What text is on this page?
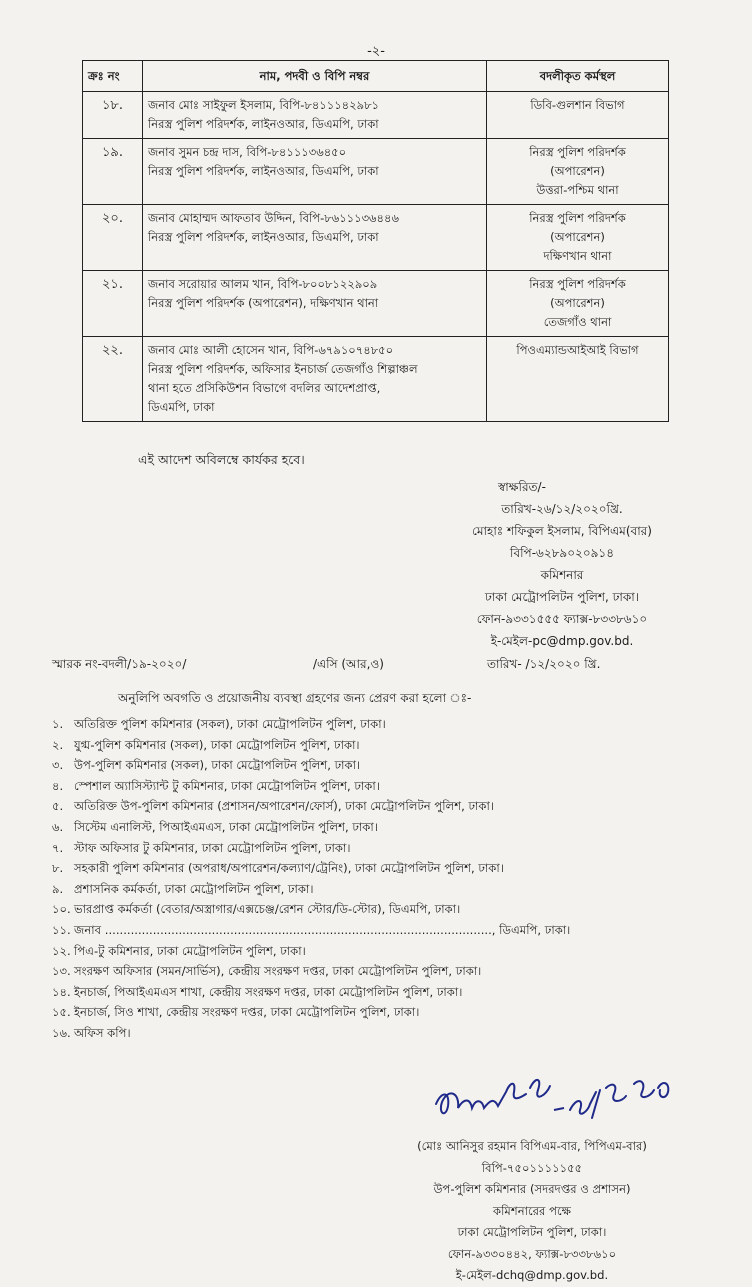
-২-
ক্রঃ নং	নাম, পদবী ও বিপি নম্বর	বদলীকৃত কর্মস্থল
১৮.	জনাব মোঃ সাইফুল ইসলাম, বিপি-৮৪১১১৪২৯৮১
নিরস্ত্র পুলিশ পরিদর্শক, লাইনওআর, ডিএমপি, ঢাকা	ডিবি-গুলশান বিভাগ

১৯.	জনাব সুমন চন্দ্র দাস, বিপি-৮৪১১১৩৬৪৫০
নিরস্ত্র পুলিশ পরিদর্শক, লাইনওআর, ডিএমপি, ঢাকা	নিরস্ত্র পুলিশ পরিদর্শক
(অপারেশন)
উত্তরা-পশ্চিম থানা

২০.	জনাব মোহাম্মদ আফতাব উদ্দিন, বিপি-৮৬১১১৩৬৪৪৬
নিরস্ত্র পুলিশ পরিদর্শক, লাইনওআর, ডিএমপি, ঢাকা	নিরস্ত্র পুলিশ পরিদর্শক
(অপারেশন)
দক্ষিণখান থানা

২১.	জনাব সরোয়ার আলম খান, বিপি-৮০০৮১২২৯০৯
নিরস্ত্র পুলিশ পরিদর্শক (অপারেশন), দক্ষিণখান থানা	নিরস্ত্র পুলিশ পরিদর্শক
(অপারেশন)
তেজগাঁও থানা

২২.	জনাব মোঃ আলী হোসেন খান, বিপি-৬৭৯১০৭৪৮৫০
নিরস্ত্র পুলিশ পরিদর্শক, অফিসার ইনচার্জ তেজগাঁও শিল্পাঞ্চল
থানা হতে প্রসিকিউশন বিভাগে বদলির আদেশপ্রাপ্ত,
ডিএমপি, ঢাকা	পিওএম্যান্ডআইআই বিভাগ
এই আদেশ অবিলম্বে কার্যকর হবে।
স্বাক্ষরিত/-
তারিখ-২৬/১২/২০২০খ্রি.
মোহাঃ শফিকুল ইসলাম, বিপিএম(বার)
বিপি-৬২৮৯০২০৯১৪
কমিশনার
ঢাকা মেট্রোপলিটন পুলিশ, ঢাকা।
ফোন-৯৩৩১৫৫৫ ফ্যাক্স-৮৩৩৮৬১০
ই-মেইল-pc@dmp.gov.bd.
স্মারক নং-বদলী/১৯-২০২০/	/এসি (আর,ও)	তারিখ- /১২/২০২০ খ্রি.
অনুলিপি অবগতি ও প্রয়োজনীয় ব্যবস্থা গ্রহণের জন্য প্রেরণ করা হলো ঃ-
১. অতিরিক্ত পুলিশ কমিশনার (সকল), ঢাকা মেট্রোপলিটন পুলিশ, ঢাকা।
২. যুগ্ম-পুলিশ কমিশনার (সকল), ঢাকা মেট্রোপলিটন পুলিশ, ঢাকা।
৩. উপ-পুলিশ কমিশনার (সকল), ঢাকা মেট্রোপলিটন পুলিশ, ঢাকা।
৪. স্পেশাল অ্যাসিস্ট্যান্ট টু কমিশনার, ঢাকা মেট্রোপলিটন পুলিশ, ঢাকা।
৫. অতিরিক্ত উপ-পুলিশ কমিশনার (প্রশাসন/অপারেশন/ফোর্স), ঢাকা মেট্রোপলিটন পুলিশ, ঢাকা।
৬. সিস্টেম এনালিস্ট, পিআইএমএস, ঢাকা মেট্রোপলিটন পুলিশ, ঢাকা।
৭. স্টাফ অফিসার টু কমিশনার, ঢাকা মেট্রোপলিটন পুলিশ, ঢাকা।
৮. সহকারী পুলিশ কমিশনার (অপরাধ/অপারেশন/কল্যাণ/ট্রেনিং), ঢাকা মেট্রোপলিটন পুলিশ, ঢাকা।
৯. প্রশাসনিক কর্মকর্তা, ঢাকা মেট্রোপলিটন পুলিশ, ঢাকা।
১০. ভারপ্রাপ্ত কর্মকর্তা (বেতার/অস্ত্রাগার/এক্সচেঞ্জ/রেশন স্টোর/ডি-স্টোর), ডিএমপি, ঢাকা।
১১. জনাব ........................................................................................................., ডিএমপি, ঢাকা।
১২. পিএ-টু কমিশনার, ঢাকা মেট্রোপলিটন পুলিশ, ঢাকা।
১৩. সংরক্ষণ অফিসার (সমন/সার্ভিস), কেন্দ্রীয় সংরক্ষণ দপ্তর, ঢাকা মেট্রোপলিটন পুলিশ, ঢাকা।
১৪. ইনচার্জ, পিআইএমএস শাখা, কেন্দ্রীয় সংরক্ষণ দপ্তর, ঢাকা মেট্রোপলিটন পুলিশ, ঢাকা।
১৫. ইনচার্জ, সিও শাখা, কেন্দ্রীয় সংরক্ষণ দপ্তর, ঢাকা মেট্রোপলিটন পুলিশ, ঢাকা।
১৬. অফিস কপি।
(মোঃ আনিসুর রহমান বিপিএম-বার, পিপিএম-বার)
বিপি-৭৫০১১১১১৫৫
উপ-পুলিশ কমিশনার (সদরদপ্তর ও প্রশাসন)
কমিশনারের পক্ষে
ঢাকা মেট্রোপলিটন পুলিশ, ঢাকা।
ফোন-৯৩৩০৪৪২, ফ্যাক্স-৮৩৩৮৬১০
ই-মেইল-dchq@dmp.gov.bd.
